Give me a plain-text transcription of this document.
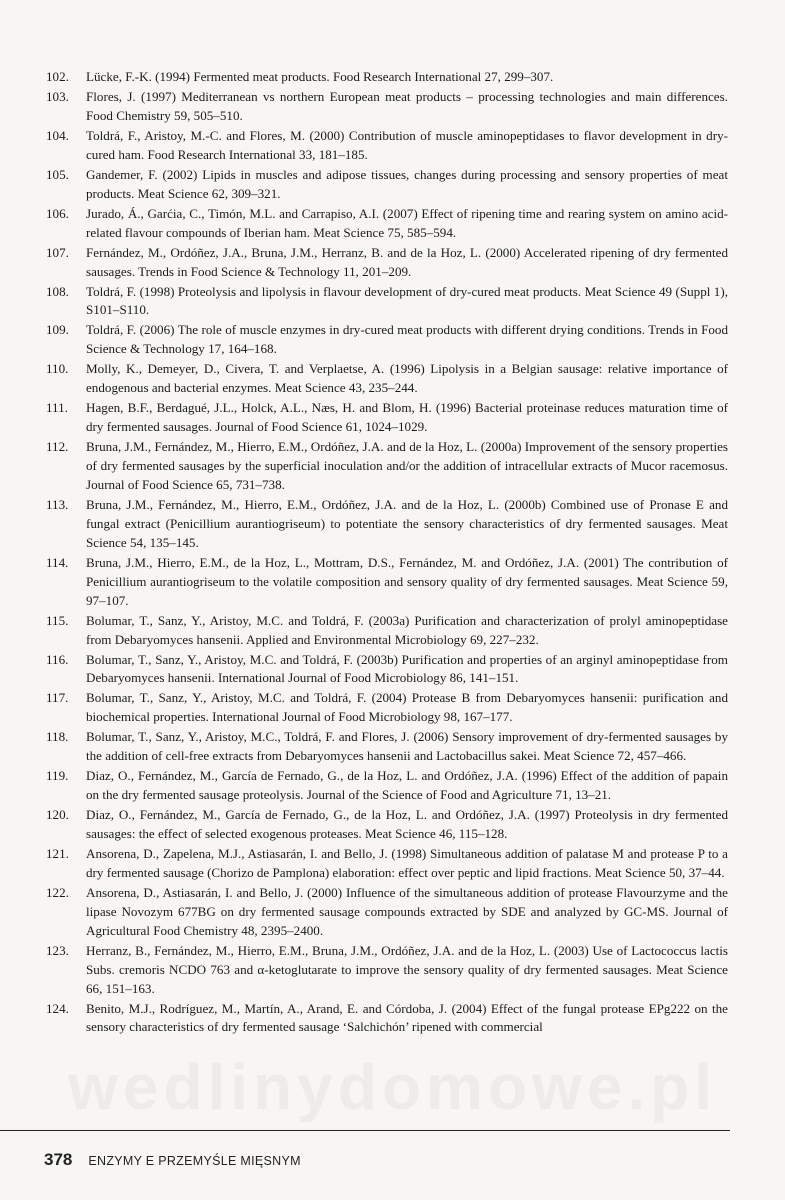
102.	Lücke, F.-K. (1994) Fermented meat products. Food Research International 27, 299–307.
103.	Flores, J. (1997) Mediterranean vs northern European meat products – processing technologies and main differences. Food Chemistry 59, 505–510.
104.	Toldrá, F., Aristoy, M.-C. and Flores, M. (2000) Contribution of muscle aminopeptidases to flavor development in dry-cured ham. Food Research International 33, 181–185.
105.	Gandemer, F. (2002) Lipids in muscles and adipose tissues, changes during processing and sensory properties of meat products. Meat Science 62, 309–321.
106.	Jurado, Á., Garćia, C., Timón, M.L. and Carrapiso, A.I. (2007) Effect of ripening time and rearing system on amino acid-related flavour compounds of Iberian ham. Meat Science 75, 585–594.
107.	Fernández, M., Ordóñez, J.A., Bruna, J.M., Herranz, B. and de la Hoz, L. (2000) Accelerated ripening of dry fermented sausages. Trends in Food Science & Technology 11, 201–209.
108.	Toldrá, F. (1998) Proteolysis and lipolysis in flavour development of dry-cured meat products. Meat Science 49 (Suppl 1), S101–S110.
109.	Toldrá, F. (2006) The role of muscle enzymes in dry-cured meat products with different drying conditions. Trends in Food Science & Technology 17, 164–168.
110.	Molly, K., Demeyer, D., Civera, T. and Verplaetse, A. (1996) Lipolysis in a Belgian sausage: relative importance of endogenous and bacterial enzymes. Meat Science 43, 235–244.
111.	Hagen, B.F., Berdagué, J.L., Holck, A.L., Næs, H. and Blom, H. (1996) Bacterial proteinase reduces maturation time of dry fermented sausages. Journal of Food Science 61, 1024–1029.
112.	Bruna, J.M., Fernández, M., Hierro, E.M., Ordóñez, J.A. and de la Hoz, L. (2000a) Improvement of the sensory properties of dry fermented sausages by the superficial inoculation and/or the addition of intracellular extracts of Mucor racemosus. Journal of Food Science 65, 731–738.
113.	Bruna, J.M., Fernández, M., Hierro, E.M., Ordóñez, J.A. and de la Hoz, L. (2000b) Combined use of Pronase E and fungal extract (Penicillium aurantiogriseum) to potentiate the sensory characteristics of dry fermented sausages. Meat Science 54, 135–145.
114.	Bruna, J.M., Hierro, E.M., de la Hoz, L., Mottram, D.S., Fernández, M. and Ordóñez, J.A. (2001) The contribution of Penicillium aurantiogriseum to the volatile composition and sensory quality of dry fermented sausages. Meat Science 59, 97–107.
115.	Bolumar, T., Sanz, Y., Aristoy, M.C. and Toldrá, F. (2003a) Purification and characterization of prolyl aminopeptidase from Debaryomyces hansenii. Applied and Environmental Microbiology 69, 227–232.
116.	Bolumar, T., Sanz, Y., Aristoy, M.C. and Toldrá, F. (2003b) Purification and properties of an arginyl aminopeptidase from Debaryomyces hansenii. International Journal of Food Microbiology 86, 141–151.
117.	Bolumar, T., Sanz, Y., Aristoy, M.C. and Toldrá, F. (2004) Protease B from Debaryomyces hansenii: purification and biochemical properties. International Journal of Food Microbiology 98, 167–177.
118.	Bolumar, T., Sanz, Y., Aristoy, M.C., Toldrá, F. and Flores, J. (2006) Sensory improvement of dry-fermented sausages by the addition of cell-free extracts from Debaryomyces hansenii and Lactobacillus sakei. Meat Science 72, 457–466.
119.	Diaz, O., Fernández, M., García de Fernado, G., de la Hoz, L. and Ordóñez, J.A. (1996) Effect of the addition of papain on the dry fermented sausage proteolysis. Journal of the Science of Food and Agriculture 71, 13–21.
120.	Diaz, O., Fernández, M., García de Fernado, G., de la Hoz, L. and Ordóñez, J.A. (1997) Proteolysis in dry fermented sausages: the effect of selected exogenous proteases. Meat Science 46, 115–128.
121.	Ansorena, D., Zapelena, M.J., Astiasarán, I. and Bello, J. (1998) Simultaneous addition of palatase M and protease P to a dry fermented sausage (Chorizo de Pamplona) elaboration: effect over peptic and lipid fractions. Meat Science 50, 37–44.
122.	Ansorena, D., Astiasarán, I. and Bello, J. (2000) Influence of the simultaneous addition of protease Flavourzyme and the lipase Novozym 677BG on dry fermented sausage compounds extracted by SDE and analyzed by GC-MS. Journal of Agricultural Food Chemistry 48, 2395–2400.
123.	Herranz, B., Fernández, M., Hierro, E.M., Bruna, J.M., Ordóñez, J.A. and de la Hoz, L. (2003) Use of Lactococcus lactis Subs. cremoris NCDO 763 and α-ketoglutarate to improve the sensory quality of dry fermented sausages. Meat Science 66, 151–163.
124.	Benito, M.J., Rodríguez, M., Martín, A., Arand, E. and Córdoba, J. (2004) Effect of the fungal protease EPg222 on the sensory characteristics of dry fermented sausage ‘Salchichón’ ripened with commercial
wedlinydomowe.pl
378 ENZYMY E PRZEMYŚLE MIĘSNYM
